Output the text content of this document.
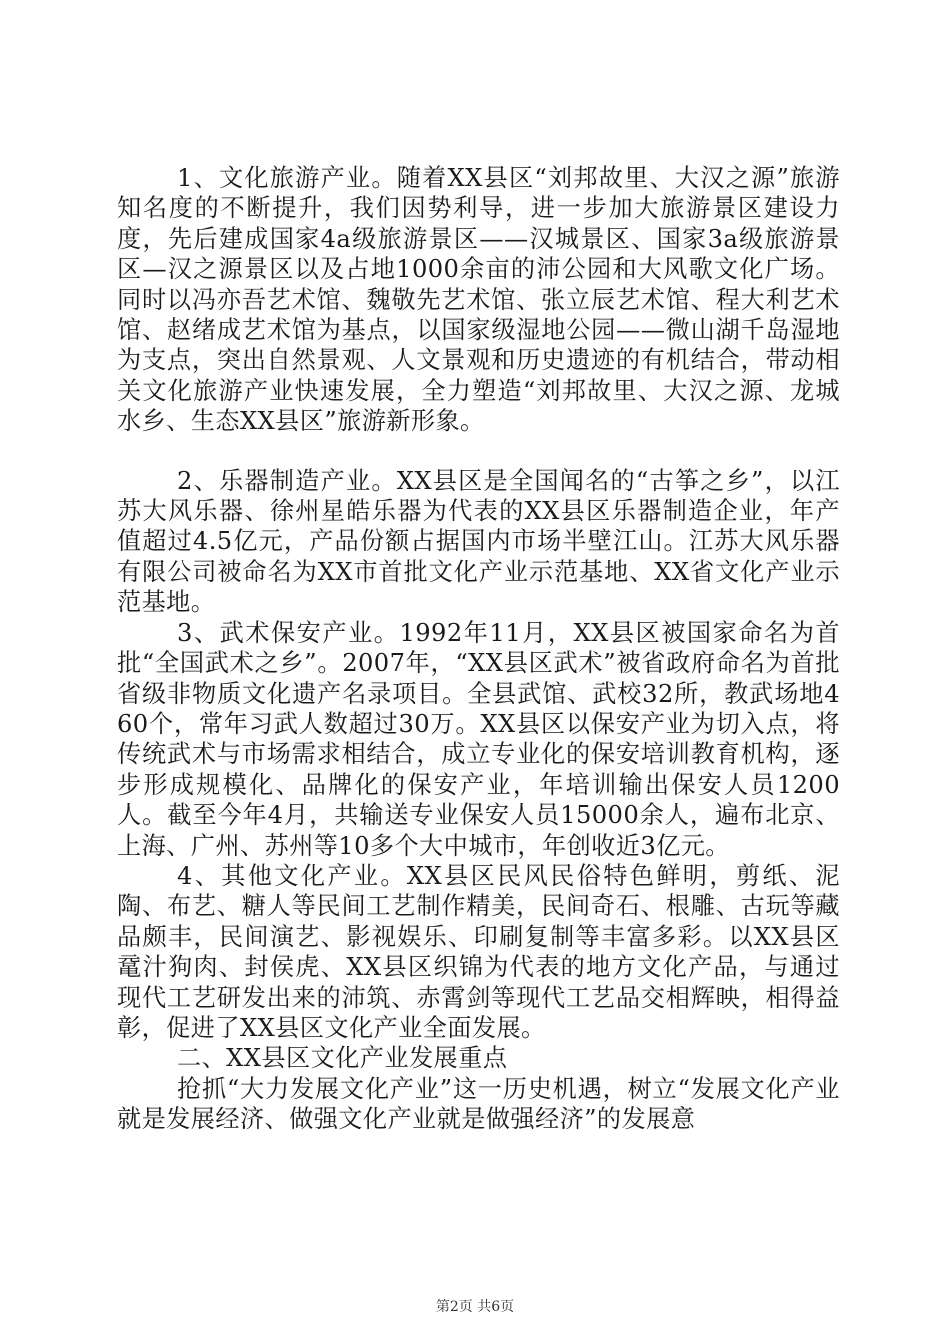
1、文化旅游产业。随着XX县区“刘邦故里、大汉之源”旅游知名度的不断提升，我们因势利导，进一步加大旅游景区建设力度，先后建成国家4a级旅游景区——汉城景区、国家3a级旅游景区—汉之源景区以及占地1000余亩的沛公园和大风歌文化广场。同时以冯亦吾艺术馆、魏敬先艺术馆、张立辰艺术馆、程大利艺术馆、赵绪成艺术馆为基点，以国家级湿地公园——微山湖千岛湿地为支点，突出自然景观、人文景观和历史遗迹的有机结合，带动相关文化旅游产业快速发展，全力塑造“刘邦故里、大汉之源、龙城水乡、生态XX县区”旅游新形象。

2、乐器制造产业。XX县区是全国闻名的“古筝之乡”，以江苏大风乐器、徐州星皓乐器为代表的XX县区乐器制造企业，年产值超过4.5亿元，产品份额占据国内市场半壁江山。江苏大风乐器有限公司被命名为XX市首批文化产业示范基地、XX省文化产业示范基地。

3、武术保安产业。1992年11月，XX县区被国家命名为首批“全国武术之乡”。2007年，“XX县区武术”被省政府命名为首批省级非物质文化遗产名录项目。全县武馆、武校32所，教武场地460个，常年习武人数超过30万。XX县区以保安产业为切入点，将传统武术与市场需求相结合，成立专业化的保安培训教育机构，逐步形成规模化、品牌化的保安产业，年培训输出保安人员1200人。截至今年4月，共输送专业保安人员15000余人，遍布北京、上海、广州、苏州等10多个大中城市，年创收近3亿元。

4、其他文化产业。XX县区民风民俗特色鲜明，剪纸、泥陶、布艺、糖人等民间工艺制作精美，民间奇石、根雕、古玩等藏品颇丰，民间演艺、影视娱乐、印刷复制等丰富多彩。以XX县区鼋汁狗肉、封侯虎、XX县区织锦为代表的地方文化产品，与通过现代工艺研发出来的沛筑、赤霄剑等现代工艺品交相辉映，相得益彰，促进了XX县区文化产业全面发展。

二、XX县区文化产业发展重点

抢抓“大力发展文化产业”这一历史机遇，树立“发展文化产业就是发展经济、做强文化产业就是做强经济”的发展意

第2页 共6页
